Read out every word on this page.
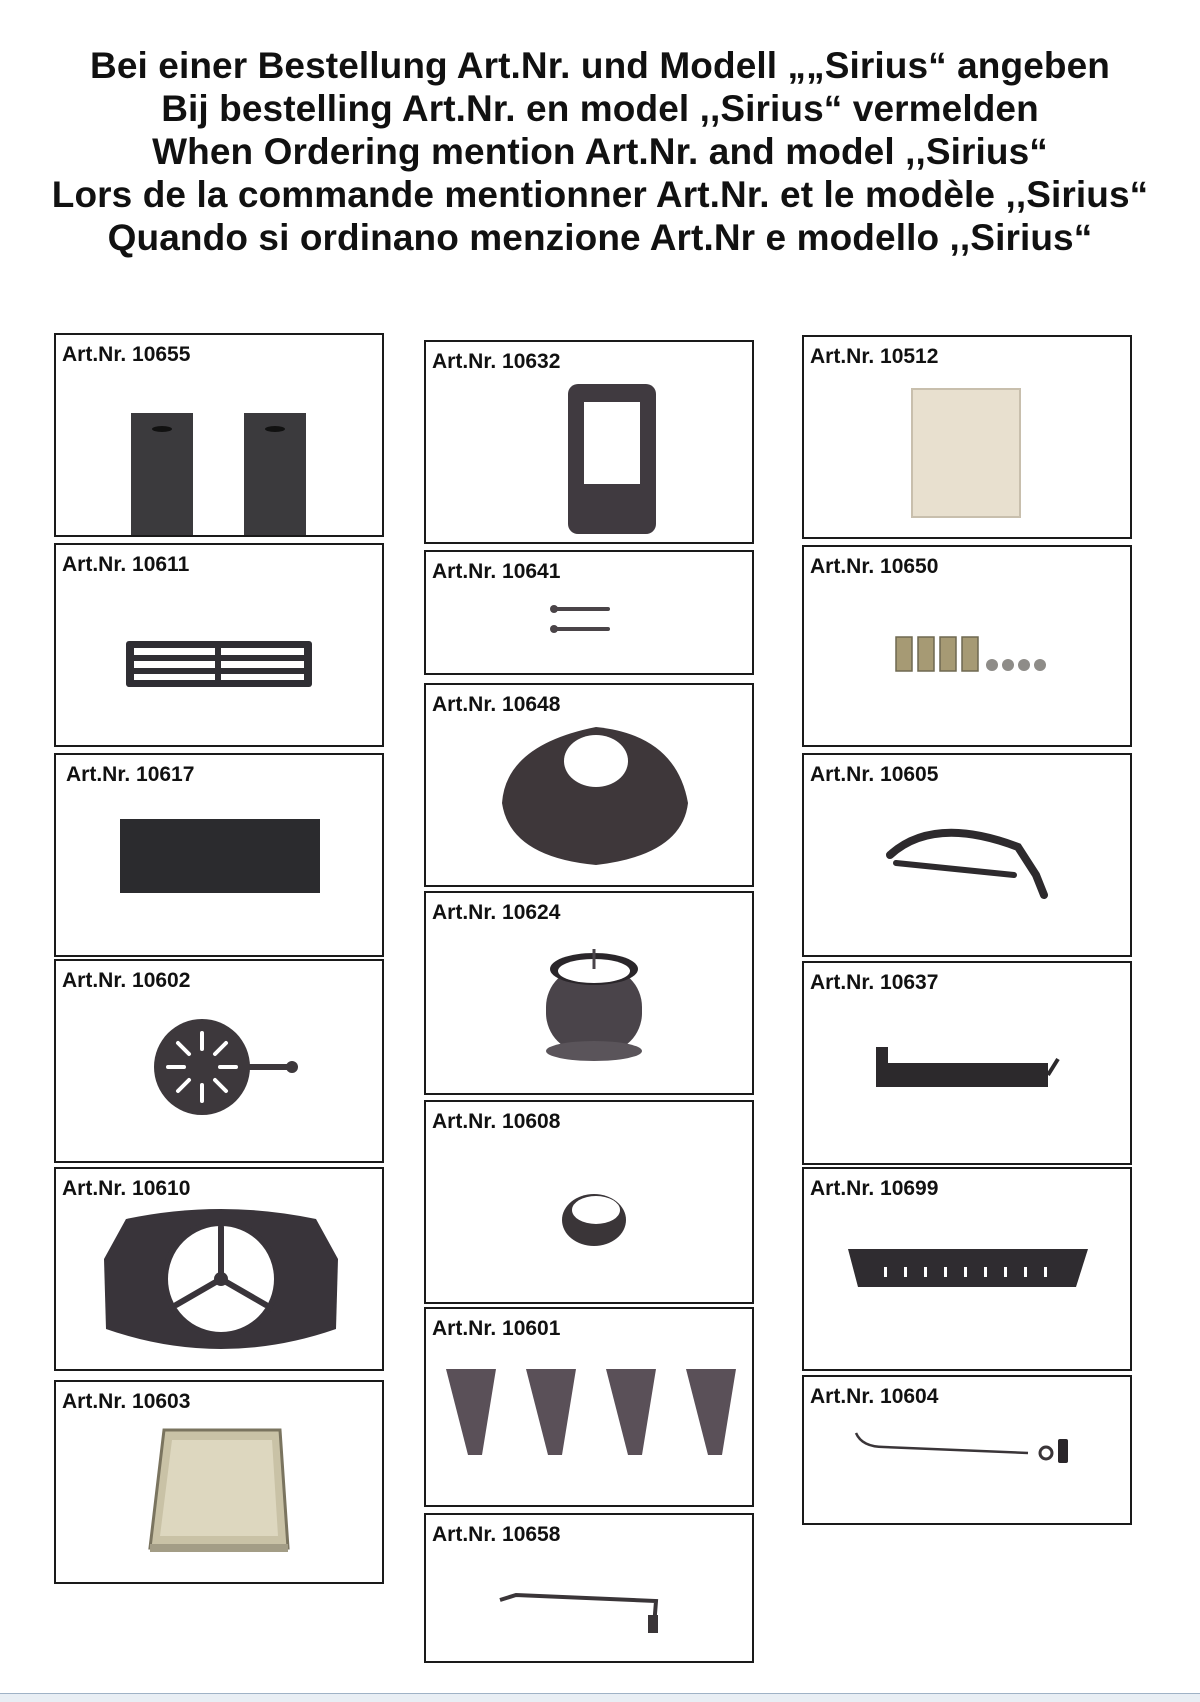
Bei einer Bestellung Art.Nr. und Modell „„Sirius“ angeben
Bij bestelling Art.Nr. en model ,,Sirius“ vermelden
When Ordering mention Art.Nr. and model ,,Sirius“
Lors de la commande mentionner Art.Nr. et le modèle ,,Sirius“
Quando si ordinano menzione Art.Nr e modello ,,Sirius“
Art.Nr. 10655
Art.Nr. 10611
Art.Nr. 10617
Art.Nr. 10602
Art.Nr. 10610
Art.Nr. 10603
Art.Nr. 10632
Art.Nr. 10641
Art.Nr. 10648
Art.Nr. 10624
Art.Nr. 10608
Art.Nr. 10601
Art.Nr. 10658
Art.Nr. 10512
Art.Nr. 10650
Art.Nr. 10605
Art.Nr. 10637
Art.Nr. 10699
Art.Nr. 10604
